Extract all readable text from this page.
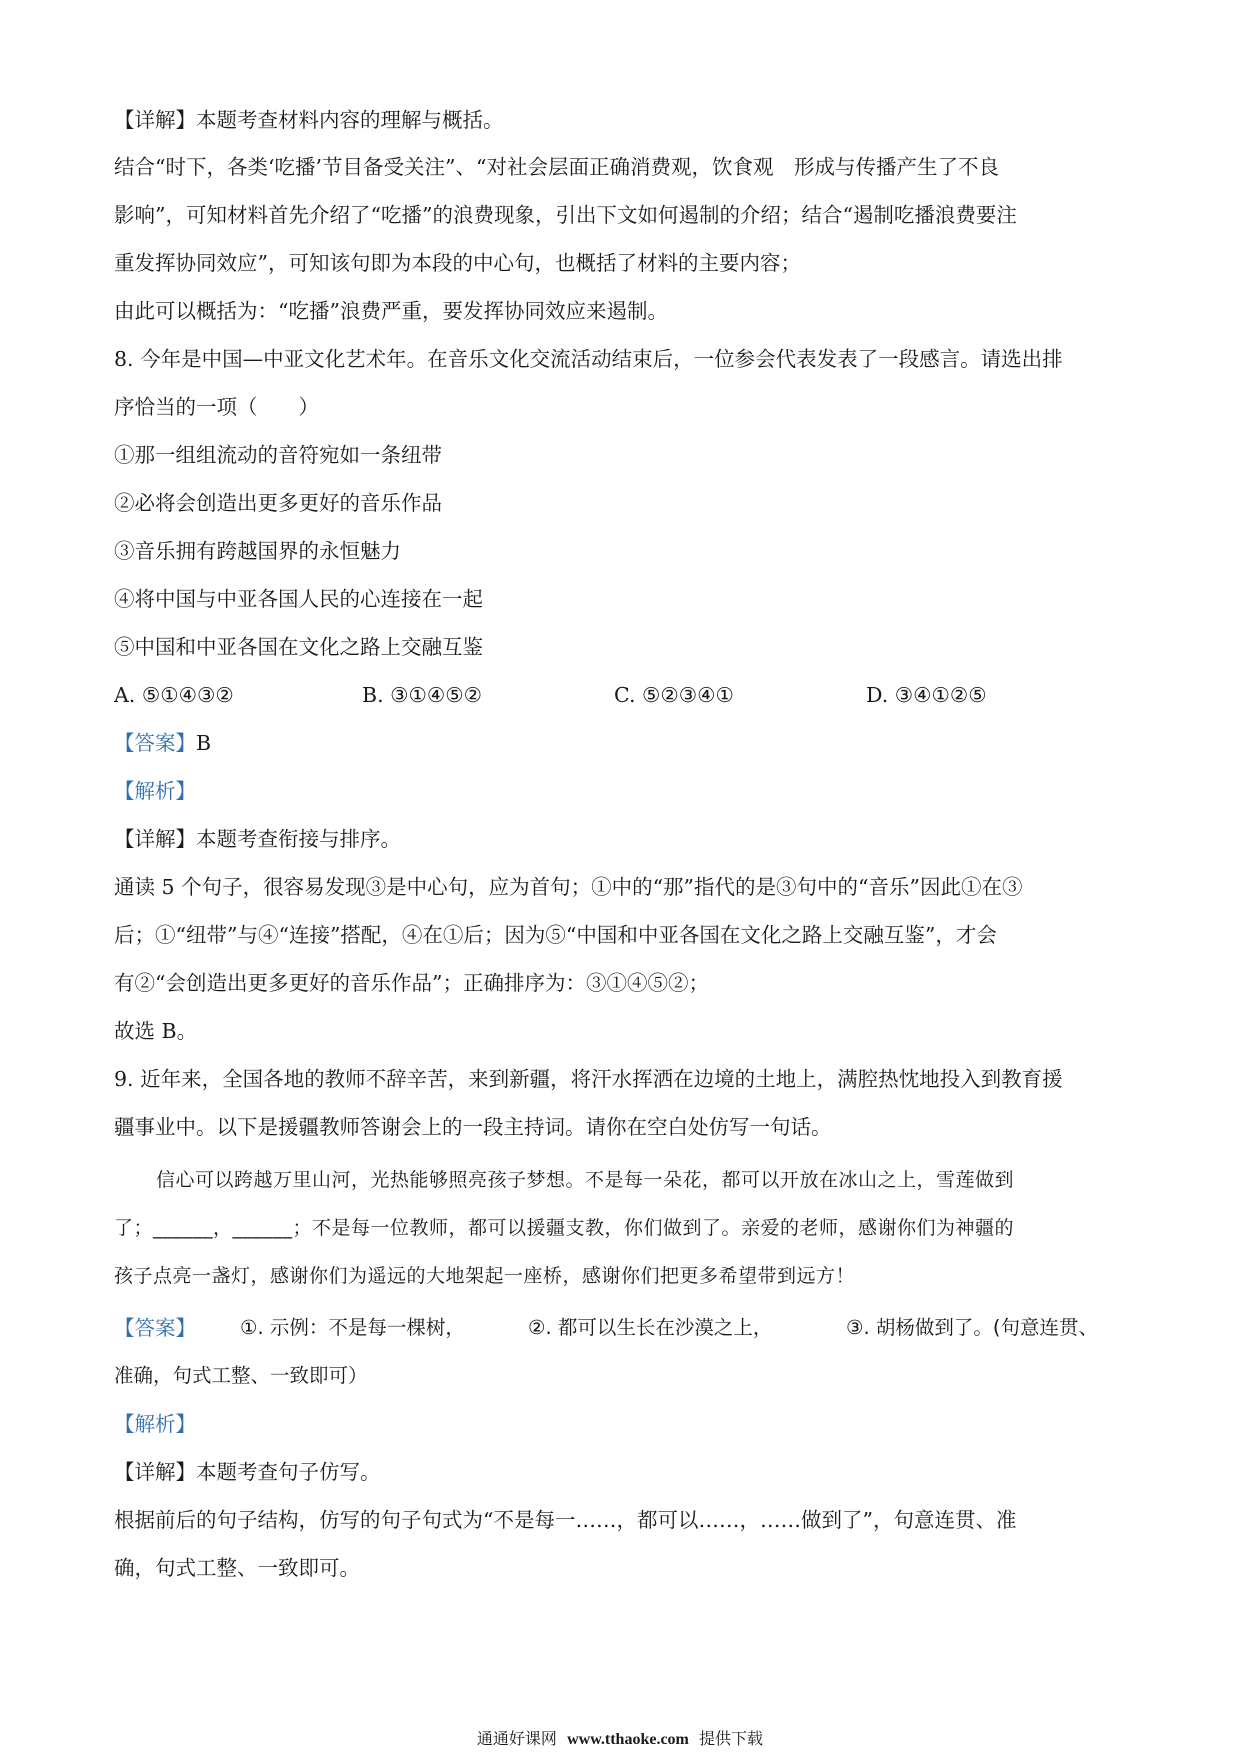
【详解】本题考查材料内容的理解与概括。

结合“时下，各类‘吃播’节目备受关注”、“对社会层面正确消费观，饮食观　形成与传播产生了不良

影响”，可知材料首先介绍了“吃播”的浪费现象，引出下文如何遏制的介绍；结合“遏制吃播浪费要注

重发挥协同效应”，可知该句即为本段的中心句，也概括了材料的主要内容；

由此可以概括为：“吃播”浪费严重，要发挥协同效应来遏制。

8. 今年是中国—中亚文化艺术年。在音乐文化交流活动结束后，一位参会代表发表了一段感言。请选出排

序恰当的一项（　　）

①那一组组流动的音符宛如一条纽带

②必将会创造出更多更好的音乐作品

③音乐拥有跨越国界的永恒魅力

④将中国与中亚各国人民的心连接在一起

⑤中国和中亚各国在文化之路上交融互鉴

A. ⑤①④③②	B. ③①④⑤②	C. ⑤②③④①	D. ③④①②⑤

【答案】B

【解析】

【详解】本题考查衔接与排序。

通读 5 个句子，很容易发现③是中心句，应为首句；①中的“那”指代的是③句中的“音乐”因此①在③

后；①“纽带”与④“连接”搭配，④在①后；因为⑤“中国和中亚各国在文化之路上交融互鉴”，才会

有②“会创造出更多更好的音乐作品”；正确排序为：③①④⑤②；

故选 B。

9. 近年来，全国各地的教师不辞辛苦，来到新疆，将汗水挥洒在边境的土地上，满腔热忱地投入到教育援

疆事业中。以下是援疆教师答谢会上的一段主持词。请你在空白处仿写一句话。

信心可以跨越万里山河，光热能够照亮孩子梦想。不是每一朵花，都可以开放在冰山之上，雪莲做到

了；______，______；不是每一位教师，都可以援疆支教，你们做到了。亲爱的老师，感谢你们为神疆的

孩子点亮一盏灯，感谢你们为遥远的大地架起一座桥，感谢你们把更多希望带到远方！

【答案】 ①. 示例：不是每一棵树，	②. 都可以生长在沙漠之上，	③. 胡杨做到了。(句意连贯、

准确，句式工整、一致即可）

【解析】

【详解】本题考查句子仿写。

根据前后的句子结构，仿写的句子句式为“不是每一……，都可以……，……做到了”，句意连贯、准

确，句式工整、一致即可。

通通好课网 www.tthaoke.com 提供下载
